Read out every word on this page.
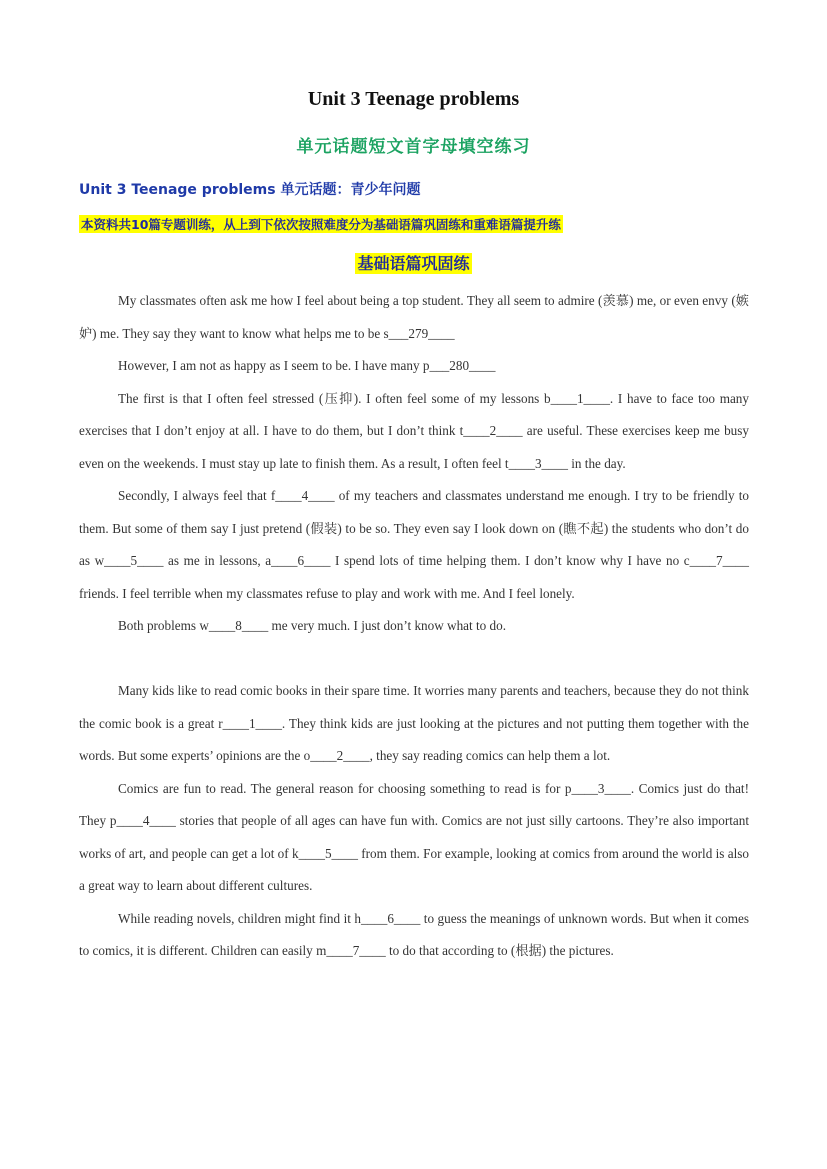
Unit 3 Teenage problems
单元话题短文首字母填空练习
Unit 3 Teenage problems 单元话题：青少年问题
本资料共10篇专题训练，从上到下依次按照难度分为基础语篇巩固练和重难语篇提升练
基础语篇巩固练

My classmates often ask me how I feel about being a top student. They all seem to admire (羡慕) me, or even envy (嫉妒) me. They say they want to know what helps me to be s___279____

However, I am not as happy as I seem to be. I have many p___280____

The first is that I often feel stressed (压抑). I often feel some of my lessons b____1____. I have to face too many exercises that I don’t enjoy at all. I have to do them, but I don’t think t____2____ are useful. These exercises keep me busy even on the weekends. I must stay up late to finish them. As a result, I often feel t____3____ in the day.

Secondly, I always feel that f____4____ of my teachers and classmates understand me enough. I try to be friendly to them. But some of them say I just pretend (假装) to be so. They even say I look down on (瞧不起) the students who don’t do as w____5____ as me in lessons, a____6____ I spend lots of time helping them. I don’t know why I have no c____7____ friends. I feel terrible when my classmates refuse to play and work with me. And I feel lonely.

Both problems w____8____ me very much. I just don’t know what to do.

Many kids like to read comic books in their spare time. It worries many parents and teachers, because they do not think the comic book is a great r____1____. They think kids are just looking at the pictures and not putting them together with the words. But some experts’ opinions are the o____2____, they say reading comics can help them a lot.

Comics are fun to read. The general reason for choosing something to read is for p____3____. Comics just do that! They p____4____ stories that people of all ages can have fun with. Comics are not just silly cartoons. They’re also important works of art, and people can get a lot of k____5____ from them. For example, looking at comics from around the world is also a great way to learn about different cultures.

While reading novels, children might find it h____6____ to guess the meanings of unknown words. But when it comes to comics, it is different. Children can easily m____7____ to do that according to (根据) the pictures.
